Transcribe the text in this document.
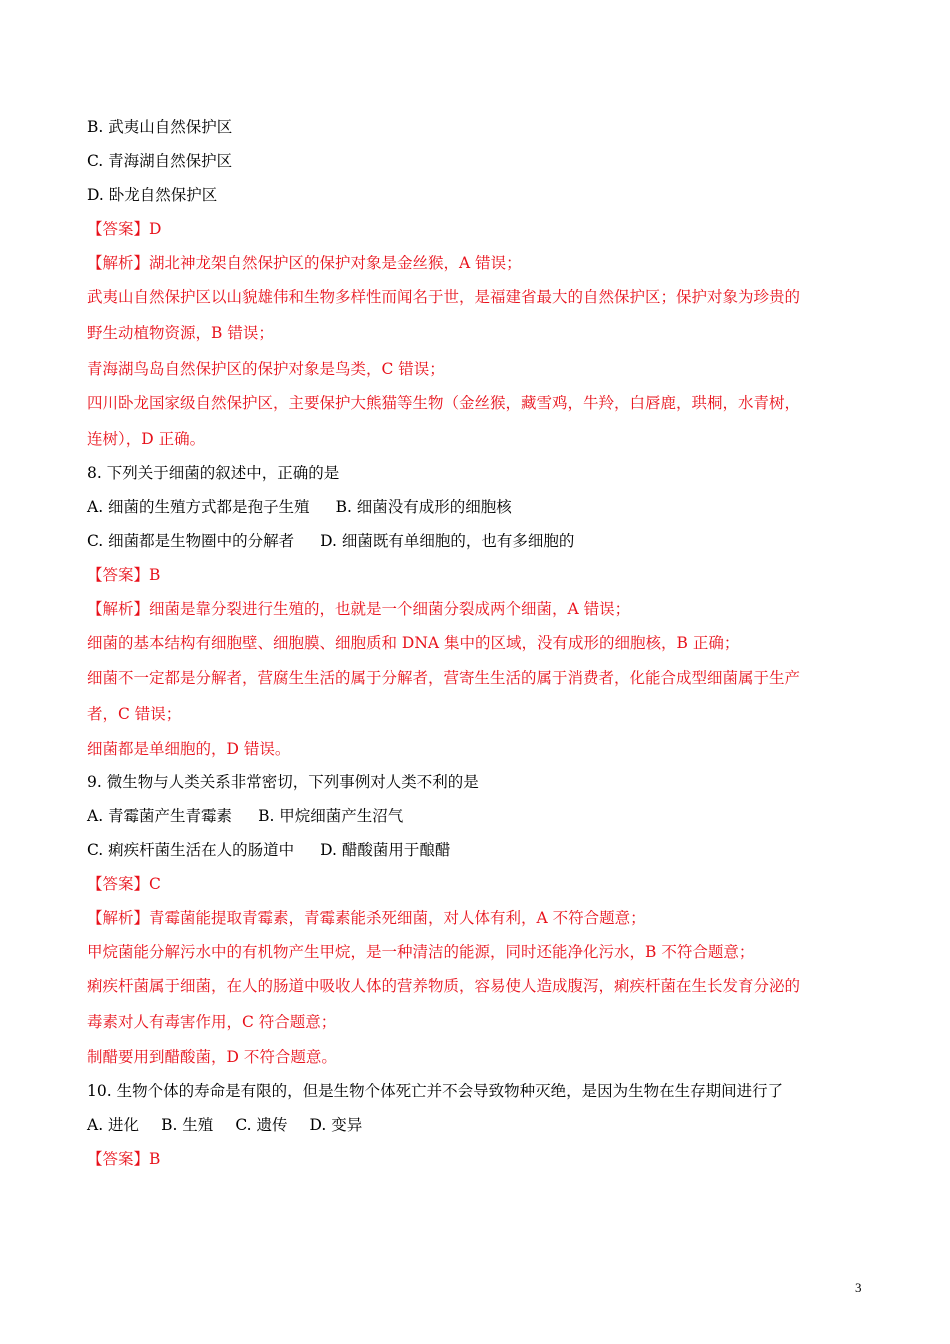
B. 武夷山自然保护区
C. 青海湖自然保护区
D. 卧龙自然保护区
【答案】D
【解析】湖北神龙架自然保护区的保护对象是金丝猴，A 错误；
武夷山自然保护区以山貌雄伟和生物多样性而闻名于世，是福建省最大的自然保护区；保护对象为珍贵的
野生动植物资源，B 错误；
青海湖鸟岛自然保护区的保护对象是鸟类，C 错误；
四川卧龙国家级自然保护区，主要保护大熊猫等生物（金丝猴，藏雪鸡，牛羚，白唇鹿，珙桐，水青树，
连树），D 正确。
8. 下列关于细菌的叙述中，正确的是
A. 细菌的生殖方式都是孢子生殖 B. 细菌没有成形的细胞核
C. 细菌都是生物圈中的分解者 D. 细菌既有单细胞的，也有多细胞的
【答案】B
【解析】细菌是靠分裂进行生殖的，也就是一个细菌分裂成两个细菌，A 错误；
细菌的基本结构有细胞壁、细胞膜、细胞质和 DNA 集中的区域，没有成形的细胞核，B 正确；
细菌不一定都是分解者，营腐生生活的属于分解者，营寄生生活的属于消费者，化能合成型细菌属于生产
者，C 错误；
细菌都是单细胞的，D 错误。
9. 微生物与人类关系非常密切，下列事例对人类不利的是
A. 青霉菌产生青霉素 B. 甲烷细菌产生沼气
C. 痢疾杆菌生活在人的肠道中 D. 醋酸菌用于酿醋
【答案】C
【解析】青霉菌能提取青霉素，青霉素能杀死细菌，对人体有利，A 不符合题意；
甲烷菌能分解污水中的有机物产生甲烷，是一种清洁的能源，同时还能净化污水，B 不符合题意；
痢疾杆菌属于细菌，在人的肠道中吸收人体的营养物质，容易使人造成腹泻，痢疾杆菌在生长发育分泌的
毒素对人有毒害作用，C 符合题意；
制醋要用到醋酸菌，D 不符合题意。
10. 生物个体的寿命是有限的，但是生物个体死亡并不会导致物种灭绝，是因为生物在生存期间进行了
A. 进化 B. 生殖 C. 遗传 D. 变异
【答案】B
3
